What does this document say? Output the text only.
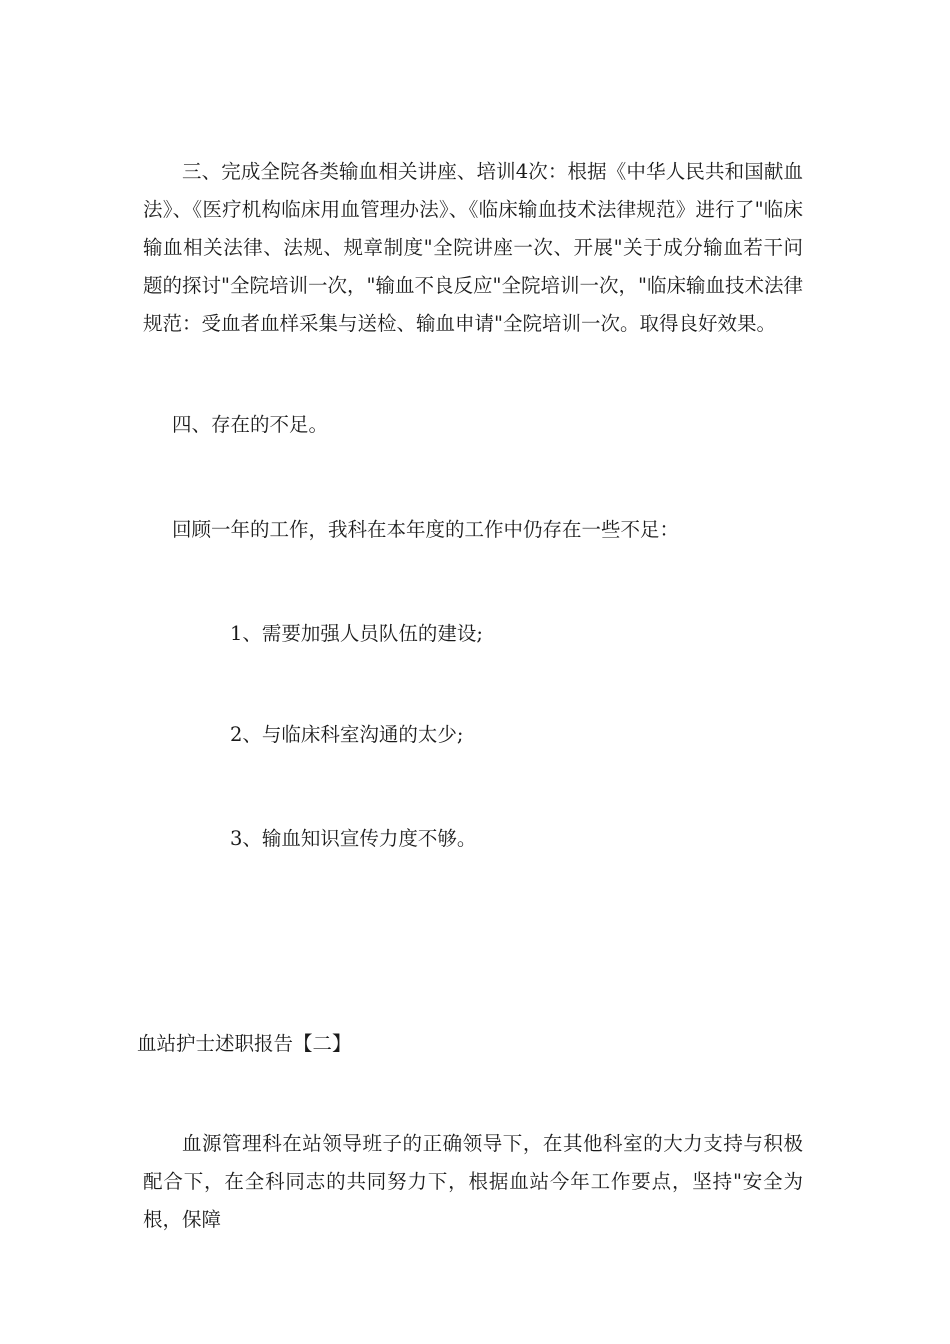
三、完成全院各类输血相关讲座、培训4次：根据《中华人民共和国献血法》、《医疗机构临床用血管理办法》、《临床输血技术法律规范》进行了"临床输血相关法律、法规、规章制度"全院讲座一次、开展"关于成分输血若干问题的探讨"全院培训一次，"输血不良反应"全院培训一次，"临床输血技术法律规范：受血者血样采集与送检、输血申请"全院培训一次。取得良好效果。

四、存在的不足。

回顾一年的工作，我科在本年度的工作中仍存在一些不足：

1、需要加强人员队伍的建设;

2、与临床科室沟通的太少;

3、输血知识宣传力度不够。

血站护士述职报告【二】

血源管理科在站领导班子的正确领导下，在其他科室的大力支持与积极配合下，在全科同志的共同努力下，根据血站今年工作要点，坚持"安全为根，保障
